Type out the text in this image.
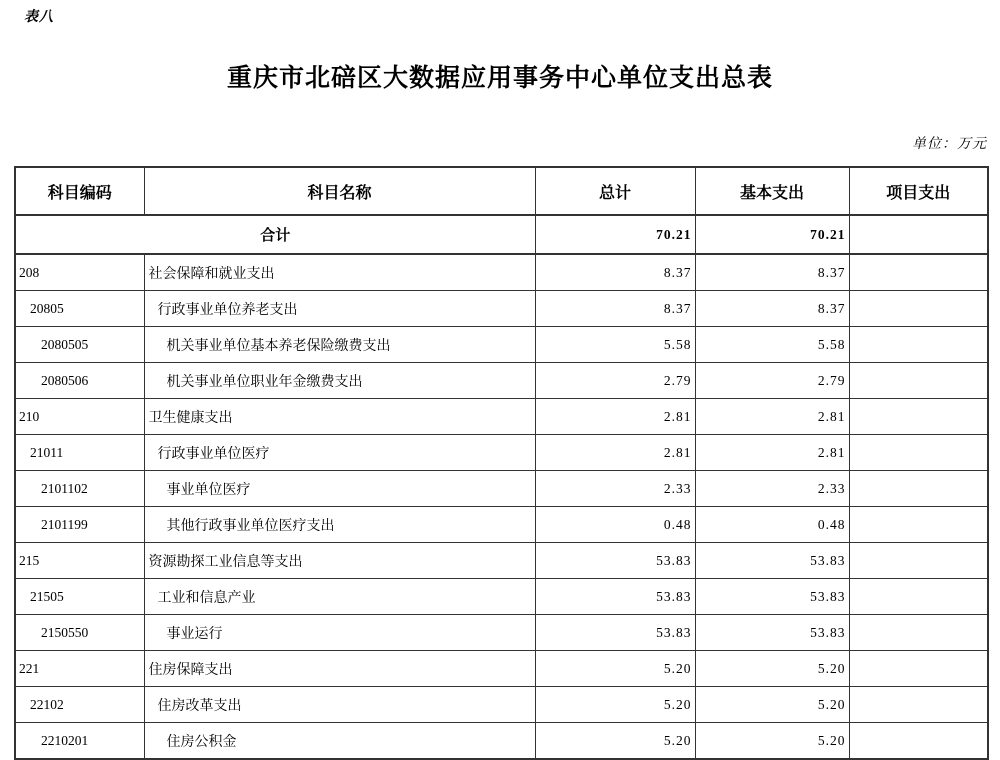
表八
重庆市北碚区大数据应用事务中心单位支出总表
单位：万元
科目编码	科目名称	总计	基本支出	项目支出
合计		70.21	70.21	
208	社会保障和就业支出	8.37	8.37	
20805	行政事业单位养老支出	8.37	8.37	
2080505	机关事业单位基本养老保险缴费支出	5.58	5.58	
2080506	机关事业单位职业年金缴费支出	2.79	2.79	
210	卫生健康支出	2.81	2.81	
21011	行政事业单位医疗	2.81	2.81	
2101102	事业单位医疗	2.33	2.33	
2101199	其他行政事业单位医疗支出	0.48	0.48	
215	资源勘探工业信息等支出	53.83	53.83	
21505	工业和信息产业	53.83	53.83	
2150550	事业运行	53.83	53.83	
221	住房保障支出	5.20	5.20	
22102	住房改革支出	5.20	5.20	
2210201	住房公积金	5.20	5.20	
